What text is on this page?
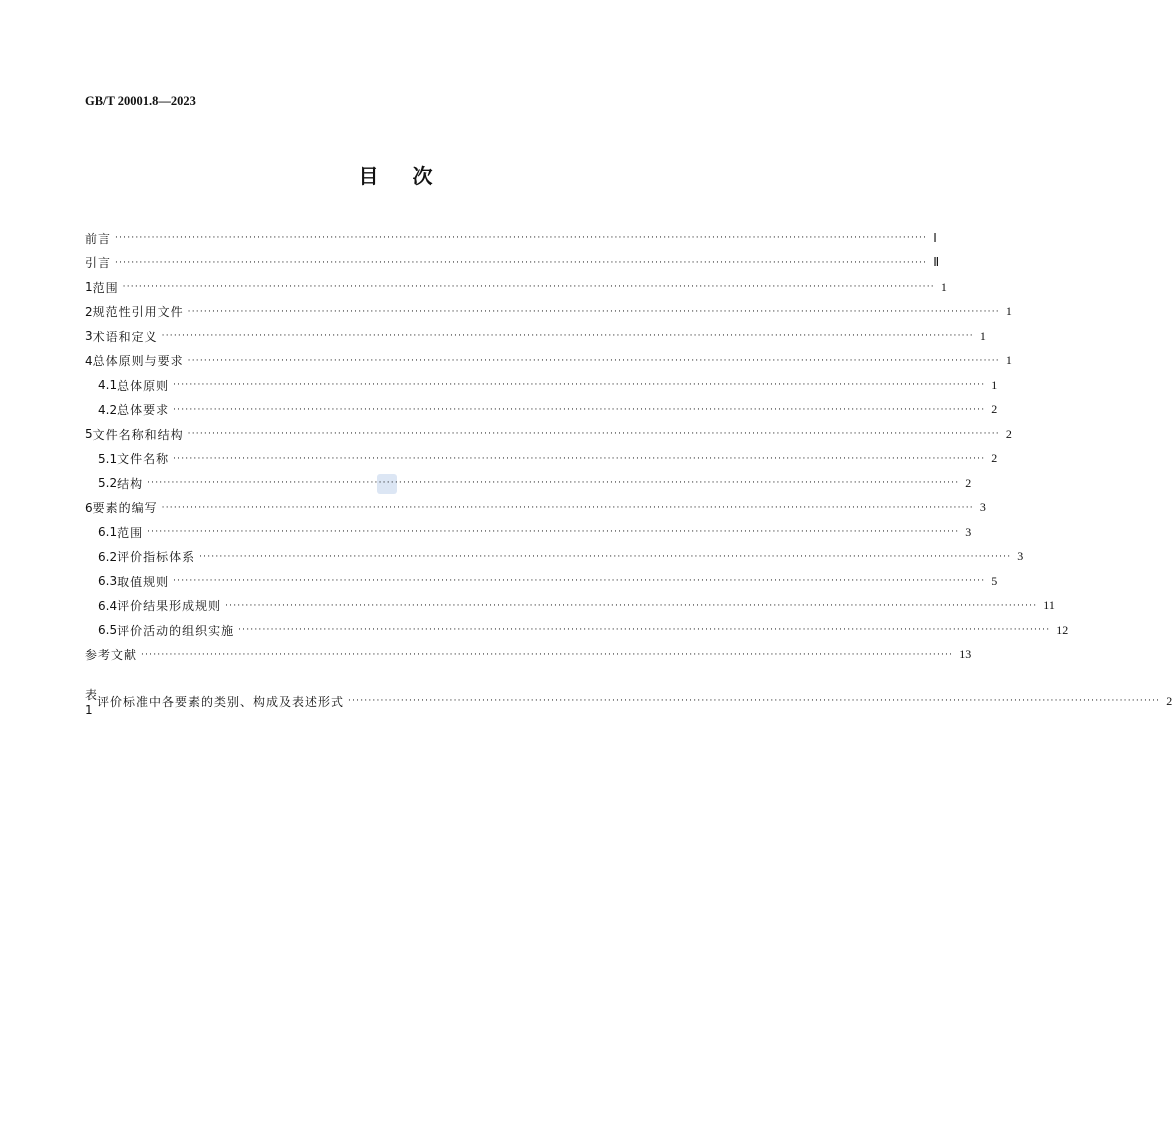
GB/T 20001.8—2023
目 次
前言 ········································································································································································································ Ⅰ
引言 ········································································································································································································ Ⅱ
1 范围 ········································································································································································································ 1
2 规范性引用文件 ········································································································································································································ 1
3 术语和定义 ········································································································································································································ 1
4 总体原则与要求 ········································································································································································································ 1
4.1 总体原则 ········································································································································································································ 1
4.2 总体要求 ········································································································································································································ 2
5 文件名称和结构 ········································································································································································································ 2
5.1 文件名称 ········································································································································································································ 2
5.2 结构 ········································································································································································································ 2
6 要素的编写 ········································································································································································································ 3
6.1 范围 ········································································································································································································ 3
6.2 评价指标体系 ········································································································································································································ 3
6.3 取值规则 ········································································································································································································ 5
6.4 评价结果形成规则 ········································································································································································································ 11
6.5 评价活动的组织实施 ········································································································································································································ 12
参考文献 ········································································································································································································ 13
表1
评价标准中各要素的类别、构成及表述形式 ········································································································································································································ 2
